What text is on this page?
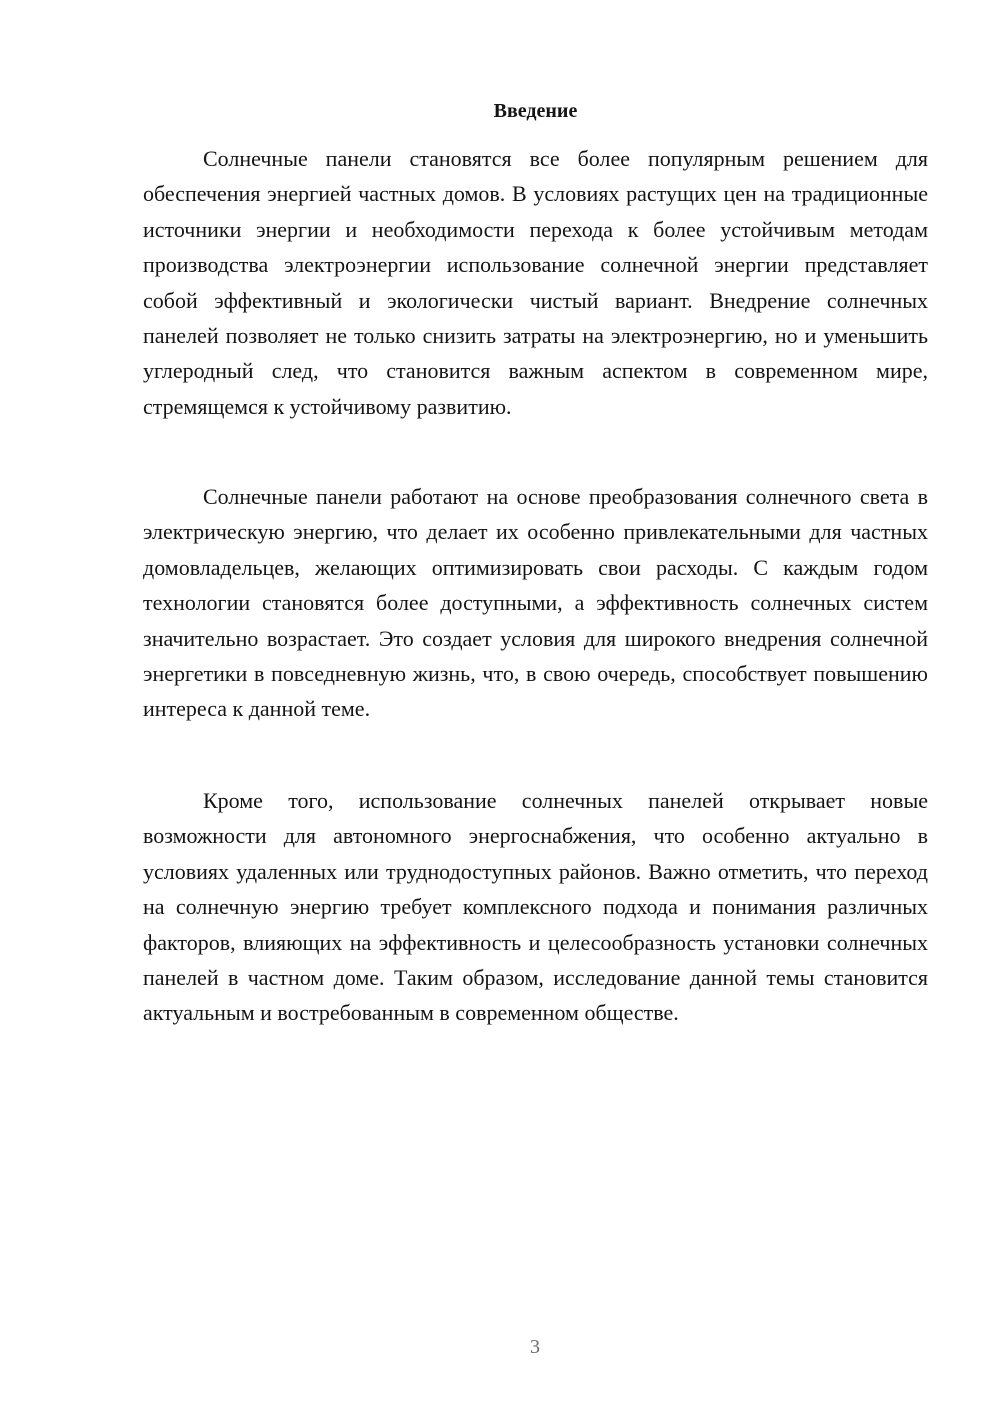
Введение

Солнечные панели становятся все более популярным решением для обеспечения энергией частных домов. В условиях растущих цен на традиционные источники энергии и необходимости перехода к более устойчивым методам производства электроэнергии использование солнечной энергии представляет собой эффективный и экологически чистый вариант. Внедрение солнечных панелей позволяет не только снизить затраты на электроэнергию, но и уменьшить углеродный след, что становится важным аспектом в современном мире, стремящемся к устойчивому развитию.

Солнечные панели работают на основе преобразования солнечного света в электрическую энергию, что делает их особенно привлекательными для частных домовладельцев, желающих оптимизировать свои расходы. С каждым годом технологии становятся более доступными, а эффективность солнечных систем значительно возрастает. Это создает условия для широкого внедрения солнечной энергетики в повседневную жизнь, что, в свою очередь, способствует повышению интереса к данной теме.

Кроме того, использование солнечных панелей открывает новые возможности для автономного энергоснабжения, что особенно актуально в условиях удаленных или труднодоступных районов. Важно отметить, что переход на солнечную энергию требует комплексного подхода и понимания различных факторов, влияющих на эффективность и целесообразность установки солнечных панелей в частном доме. Таким образом, исследование данной темы становится актуальным и востребованным в современном обществе.

3
